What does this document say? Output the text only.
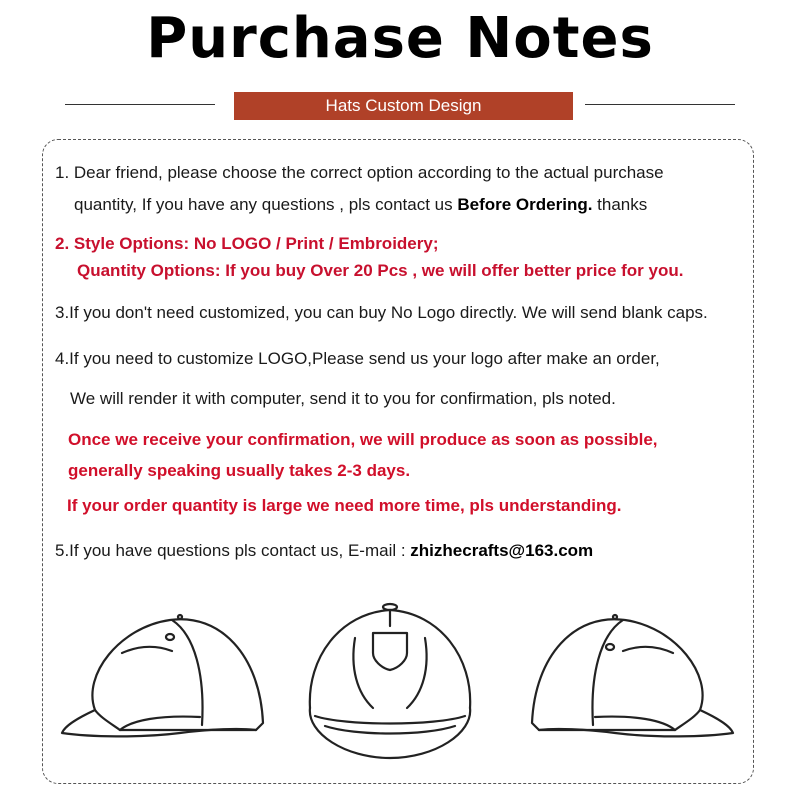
Purchase Notes
Hats Custom Design
1. Dear friend, please choose the correct option according to the actual purchase
quantity, If you have any questions , pls contact us Before Ordering. thanks
2. Style Options: No LOGO / Print / Embroidery;
Quantity Options: If you buy Over 20 Pcs , we will offer better price for you.
3.If you don't need customized, you can buy No Logo directly. We will send blank caps.
4.If you need to customize LOGO,Please send us your logo after make an order,
We will render it with computer, send it to you for confirmation, pls noted.
Once we receive your confirmation, we will produce as soon as possible,
generally speaking usually takes 2-3 days.
If your order quantity is large we need more time, pls understanding.
5.If you have questions pls contact us, E-mail : zhizhecrafts@163.com
